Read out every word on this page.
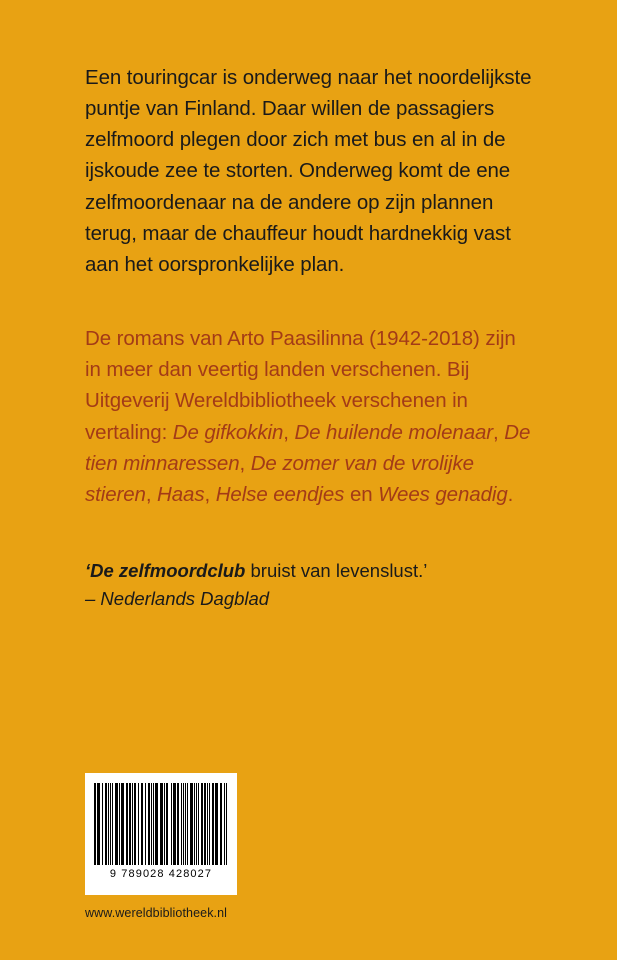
Een touringcar is onderweg naar het noordelijkste puntje van Finland. Daar willen de passagiers zelfmoord plegen door zich met bus en al in de ijskoude zee te storten. Onderweg komt de ene zelfmoordenaar na de andere op zijn plannen terug, maar de chauffeur houdt hardnekkig vast aan het oorspronkelijke plan.

De romans van Arto Paasilinna (1942-2018) zijn in meer dan veertig landen verschenen. Bij Uitgeverij Wereldbibliotheek verschenen in vertaling: De gifkokkin, De huilende molenaar, De tien minnaressen, De zomer van de vrolijke stieren, Haas, Helse eendjes en Wees genadig.

‘De zelfmoordclub bruist van levenslust.’
– Nederlands Dagblad
9 789028 428027
www.wereldbibliotheek.nl
